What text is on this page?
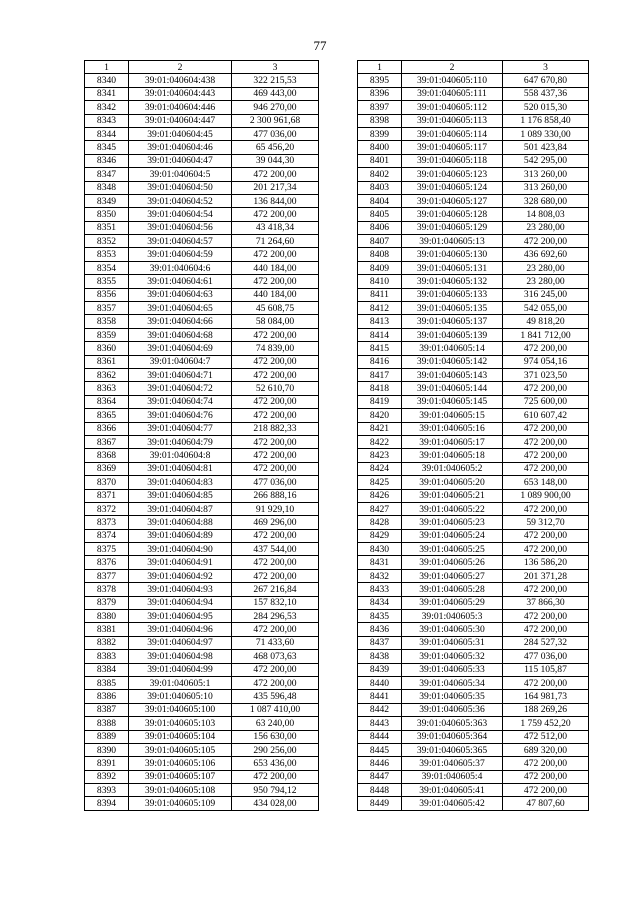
77
1	2	3
8340	39:01:040604:438	322 215,53
8341	39:01:040604:443	469 443,00
8342	39:01:040604:446	946 270,00
8343	39:01:040604:447	2 300 961,68
8344	39:01:040604:45	477 036,00
8345	39:01:040604:46	65 456,20
8346	39:01:040604:47	39 044,30
8347	39:01:040604:5	472 200,00
8348	39:01:040604:50	201 217,34
8349	39:01:040604:52	136 844,00
8350	39:01:040604:54	472 200,00
8351	39:01:040604:56	43 418,34
8352	39:01:040604:57	71 264,60
8353	39:01:040604:59	472 200,00
8354	39:01:040604:6	440 184,00
8355	39:01:040604:61	472 200,00
8356	39:01:040604:63	440 184,00
8357	39:01:040604:65	45 608,75
8358	39:01:040604:66	58 084,00
8359	39:01:040604:68	472 200,00
8360	39:01:040604:69	74 839,00
8361	39:01:040604:7	472 200,00
8362	39:01:040604:71	472 200,00
8363	39:01:040604:72	52 610,70
8364	39:01:040604:74	472 200,00
8365	39:01:040604:76	472 200,00
8366	39:01:040604:77	218 882,33
8367	39:01:040604:79	472 200,00
8368	39:01:040604:8	472 200,00
8369	39:01:040604:81	472 200,00
8370	39:01:040604:83	477 036,00
8371	39:01:040604:85	266 888,16
8372	39:01:040604:87	91 929,10
8373	39:01:040604:88	469 296,00
8374	39:01:040604:89	472 200,00
8375	39:01:040604:90	437 544,00
8376	39:01:040604:91	472 200,00
8377	39:01:040604:92	472 200,00
8378	39:01:040604:93	267 216,84
8379	39:01:040604:94	157 832,10
8380	39:01:040604:95	284 296,53
8381	39:01:040604:96	472 200,00
8382	39:01:040604:97	71 433,60
8383	39:01:040604:98	468 073,63
8384	39:01:040604:99	472 200,00
8385	39:01:040605:1	472 200,00
8386	39:01:040605:10	435 596,48
8387	39:01:040605:100	1 087 410,00
8388	39:01:040605:103	63 240,00
8389	39:01:040605:104	156 630,00
8390	39:01:040605:105	290 256,00
8391	39:01:040605:106	653 436,00
8392	39:01:040605:107	472 200,00
8393	39:01:040605:108	950 794,12
8394	39:01:040605:109	434 028,00
1	2	3
8395	39:01:040605:110	647 670,80
8396	39:01:040605:111	558 437,36
8397	39:01:040605:112	520 015,30
8398	39:01:040605:113	1 176 858,40
8399	39:01:040605:114	1 089 330,00
8400	39:01:040605:117	501 423,84
8401	39:01:040605:118	542 295,00
8402	39:01:040605:123	313 260,00
8403	39:01:040605:124	313 260,00
8404	39:01:040605:127	328 680,00
8405	39:01:040605:128	14 808,03
8406	39:01:040605:129	23 280,00
8407	39:01:040605:13	472 200,00
8408	39:01:040605:130	436 692,60
8409	39:01:040605:131	23 280,00
8410	39:01:040605:132	23 280,00
8411	39:01:040605:133	316 245,00
8412	39:01:040605:135	542 055,00
8413	39:01:040605:137	49 818,20
8414	39:01:040605:139	1 841 712,00
8415	39:01:040605:14	472 200,00
8416	39:01:040605:142	974 054,16
8417	39:01:040605:143	371 023,50
8418	39:01:040605:144	472 200,00
8419	39:01:040605:145	725 600,00
8420	39:01:040605:15	610 607,42
8421	39:01:040605:16	472 200,00
8422	39:01:040605:17	472 200,00
8423	39:01:040605:18	472 200,00
8424	39:01:040605:2	472 200,00
8425	39:01:040605:20	653 148,00
8426	39:01:040605:21	1 089 900,00
8427	39:01:040605:22	472 200,00
8428	39:01:040605:23	59 312,70
8429	39:01:040605:24	472 200,00
8430	39:01:040605:25	472 200,00
8431	39:01:040605:26	136 586,20
8432	39:01:040605:27	201 371,28
8433	39:01:040605:28	472 200,00
8434	39:01:040605:29	37 866,30
8435	39:01:040605:3	472 200,00
8436	39:01:040605:30	472 200,00
8437	39:01:040605:31	284 527,32
8438	39:01:040605:32	477 036,00
8439	39:01:040605:33	115 105,87
8440	39:01:040605:34	472 200,00
8441	39:01:040605:35	164 981,73
8442	39:01:040605:36	188 269,26
8443	39:01:040605:363	1 759 452,20
8444	39:01:040605:364	472 512,00
8445	39:01:040605:365	689 320,00
8446	39:01:040605:37	472 200,00
8447	39:01:040605:4	472 200,00
8448	39:01:040605:41	472 200,00
8449	39:01:040605:42	47 807,60
